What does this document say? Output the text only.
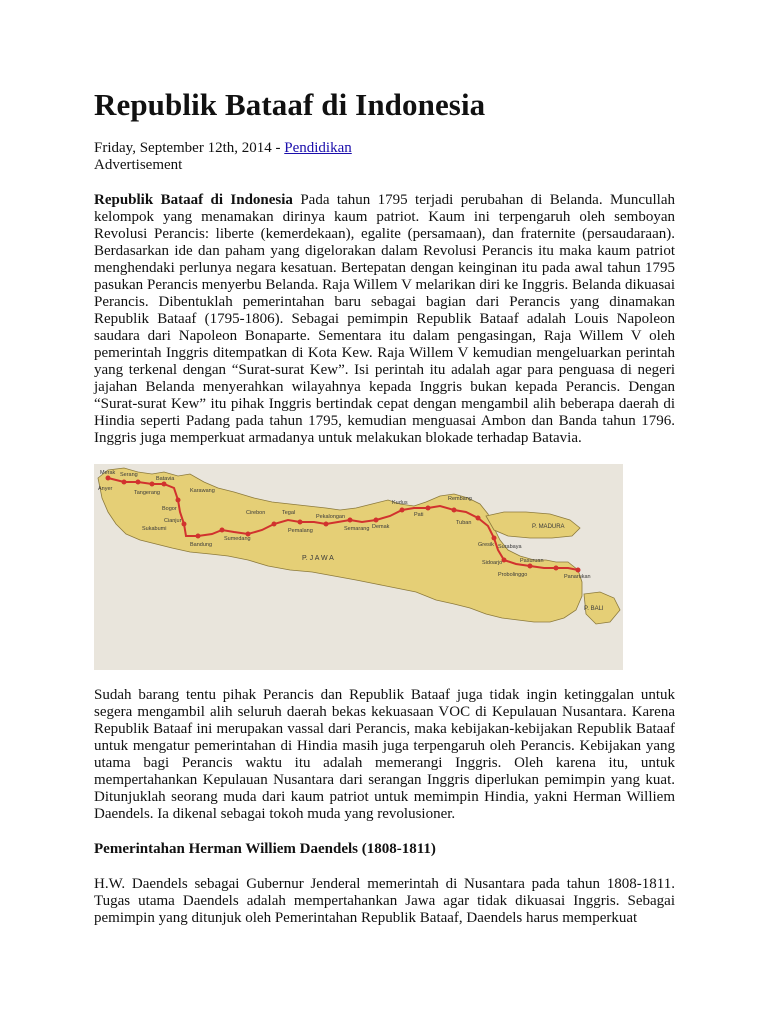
Republik Bataaf di Indonesia
Friday, September 12th, 2014 - Pendidikan
Advertisement

Republik Bataaf di Indonesia Pada tahun 1795 terjadi perubahan di Belanda. Muncullah kelompok yang menamakan dirinya kaum patriot. Kaum ini terpengaruh oleh semboyan Revolusi Perancis: liberte (kemerdekaan), egalite (persamaan), dan fraternite (persaudaraan). Berdasarkan ide dan paham yang digelorakan dalam Revolusi Perancis itu maka kaum patriot menghendaki perlunya negara kesatuan. Bertepatan dengan keinginan itu pada awal tahun 1795 pasukan Perancis menyerbu Belanda. Raja Willem V melarikan diri ke Inggris. Belanda dikuasai Perancis. Dibentuklah pemerintahan baru sebagai bagian dari Perancis yang dinamakan Republik Bataaf (1795-1806). Sebagai pemimpin Republik Bataaf adalah Louis Napoleon saudara dari Napoleon Bonaparte. Sementara itu dalam pengasingan, Raja Willem V oleh pemerintah Inggris ditempatkan di Kota Kew. Raja Willem V kemudian mengeluarkan perintah yang terkenal dengan “Surat-surat Kew”. Isi perintah itu adalah agar para penguasa di negeri jajahan Belanda menyerahkan wilayahnya kepada Inggris bukan kepada Perancis. Dengan “Surat-surat Kew” itu pihak Inggris bertindak cepat dengan mengambil alih beberapa daerah di Hindia seperti Padang pada tahun 1795, kemudian menguasai Ambon dan Banda tahun 1796. Inggris juga memperkuat armadanya untuk melakukan blokade terhadap Batavia.

Merak
Anyer
Serang
Tangerang
Batavia
Bogor
Cianjur
Sukabumi
Bandung
Sumedang
Cirebon	Tegal
Pemalang
Pekalongan
Semarang Demak
Kudus
Pati
Rembang
Tuban
Gresik Surabaya
Sidoarjo	Pasuruan
Probolinggo	Panarukan
Karawang
P. J A W A
P. MADURA
P. BALI

Sudah barang tentu pihak Perancis dan Republik Bataaf juga tidak ingin ketinggalan untuk segera mengambil alih seluruh daerah bekas kekuasaan VOC di Kepulauan Nusantara. Karena Republik Bataaf ini merupakan vassal dari Perancis, maka kebijakan-kebijakan Republik Bataaf untuk mengatur pemerintahan di Hindia masih juga terpengaruh oleh Perancis. Kebijakan yang utama bagi Perancis waktu itu adalah memerangi Inggris. Oleh karena itu, untuk mempertahankan Kepulauan Nusantara dari serangan Inggris diperlukan pemimpin yang kuat. Ditunjuklah seorang muda dari kaum patriot untuk memimpin Hindia, yakni Herman Williem Daendels. Ia dikenal sebagai tokoh muda yang revolusioner.

Pemerintahan Herman Williem Daendels (1808-1811)

H.W. Daendels sebagai Gubernur Jenderal memerintah di Nusantara pada tahun 1808-1811. Tugas utama Daendels adalah mempertahankan Jawa agar tidak dikuasai Inggris. Sebagai pemimpin yang ditunjuk oleh Pemerintahan Republik Bataaf, Daendels harus memperkuat
